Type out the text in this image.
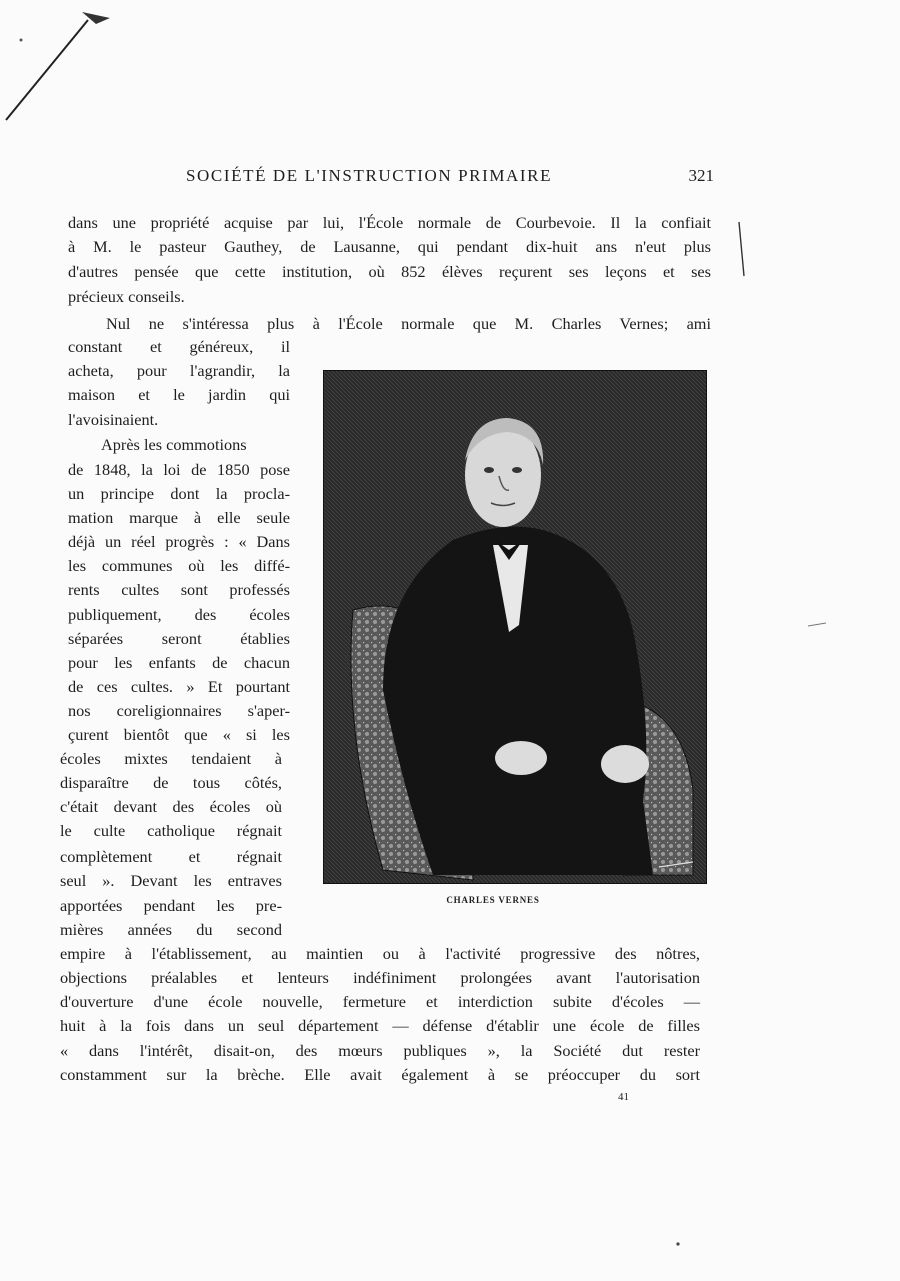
SOCIÉTÉ DE L'INSTRUCTION PRIMAIRE	321
dans une propriété acquise par lui, l'École normale de Courbevoie. Il la confiait
à M. le pasteur Gauthey, de Lausanne, qui pendant dix-huit ans n'eut plus
d'autres pensée que cette institution, où 852 élèves reçurent ses leçons et ses
précieux conseils.
Nul ne s'intéressa plus à l'École normale que M. Charles Vernes; ami
constant et généreux, il
acheta, pour l'agrandir, la
maison et le jardin qui
l'avoisinaient.
Après les commotions
de 1848, la loi de 1850 pose
un principe dont la procla-
mation marque à elle seule
déjà un réel progrès : « Dans
les communes où les diffé-
rents cultes sont professés
publiquement, des écoles
séparées seront établies
pour les enfants de chacun
de ces cultes. » Et pourtant
nos coreligionnaires s'aper-
çurent bientôt que « si les
écoles mixtes tendaient à
disparaître de tous côtés,
c'était devant des écoles où
le culte catholique régnait
complètement et régnait
seul ». Devant les entraves
apportées pendant les pre-
mières années du second
empire à l'établissement, au maintien ou à l'activité progressive des nôtres,
objections préalables et lenteurs indéfiniment prolongées avant l'autorisation
d'ouverture d'une école nouvelle, fermeture et interdiction subite d'écoles —
huit à la fois dans un seul département — défense d'établir une école de filles
« dans l'intérêt, disait-on, des mœurs publiques », la Société dut rester
constamment sur la brèche. Elle avait également à se préoccuper du sort
CHARLES VERNES
41
